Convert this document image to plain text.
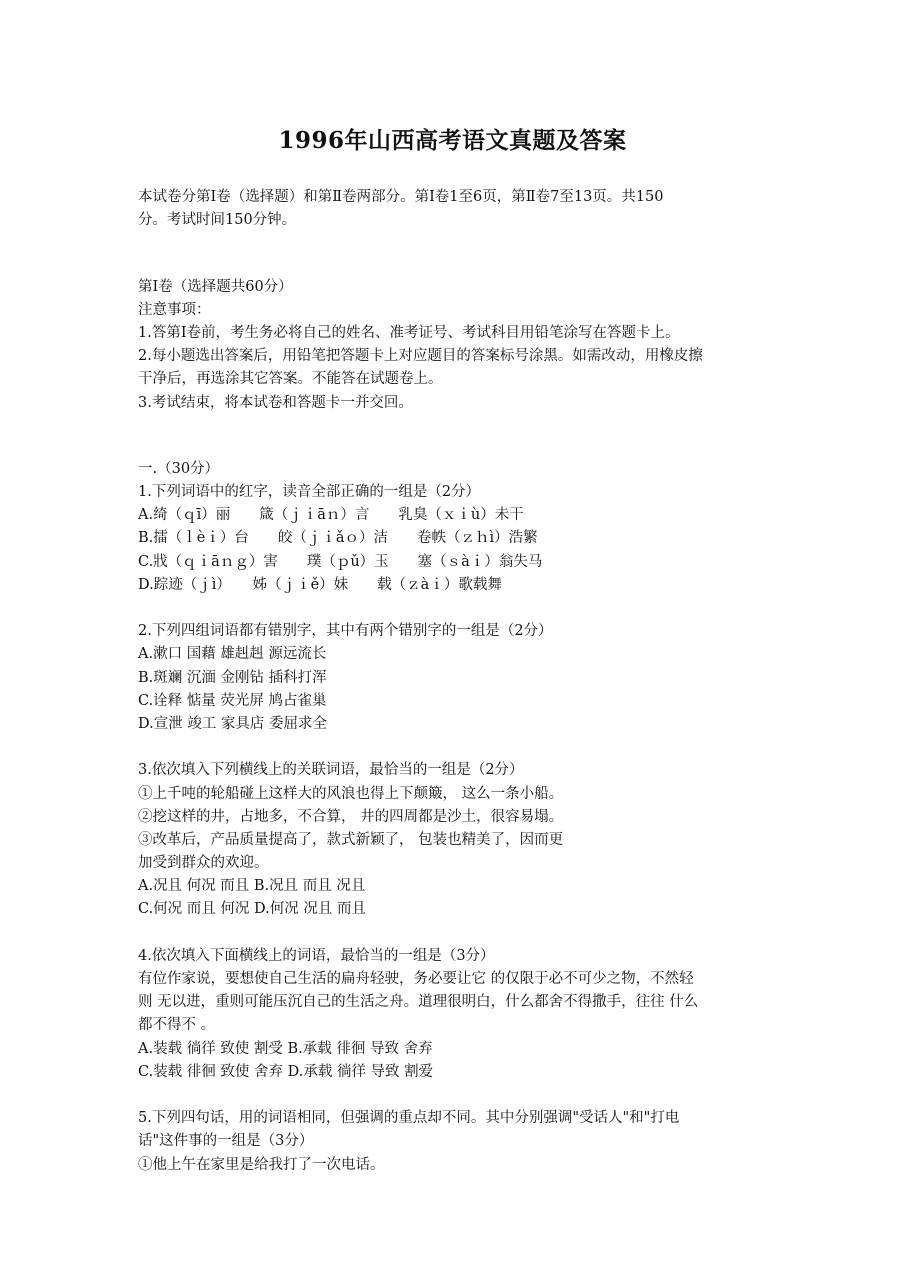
1996年山西高考语文真题及答案
本试卷分第Ⅰ卷（选择题）和第Ⅱ卷两部分。第Ⅰ卷1至6页，第Ⅱ卷7至13页。共150
分。考试时间150分钟。
第Ⅰ卷（选择题共60分）
注意事项：
1.答第Ⅰ卷前，考生务必将自己的姓名、准考证号、考试科目用铅笔涂写在答题卡上。
2.每小题选出答案后，用铅笔把答题卡上对应题目的答案标号涂黑。如需改动，用橡皮擦
干净后，再选涂其它答案。不能答在试题卷上。
3.考试结束，将本试卷和答题卡一并交回。
一.（30分）
1.下列词语中的红字，读音全部正确的一组是（2分）
A.绮（ｑī）丽　　箴（ｊｉāｎ）言　　乳臭（ｘｉù）未干
B.擂（ｌèｉ）台　　皎（ｊｉǎｏ）洁　　卷帙（ｚｈì）浩繁
C.戕（ｑｉāｎｇ）害　　璞（ｐǔ）玉　　塞（ｓàｉ）翁失马
D.踪迹（ｊì）　　姊（ｊｉě）妹　　载（ｚàｉ）歌载舞
2.下列四组词语都有错别字，其中有两个错别字的一组是（2分）
A.漱口 国藉 雄赳赳 源远流长
B.斑斓 沉湎 金刚钻 插科打浑
C.诠释 惦量 荧光屏 鸠占雀巢
D.宣泄 竣工 家具店 委屈求全
3.依次填入下列横线上的关联词语，最恰当的一组是（2分）
①上千吨的轮船碰上这样大的风浪也得上下颠簸， 这么一条小船。
②挖这样的井，占地多，不合算， 井的四周都是沙土，很容易塌。
③改革后，产品质量提高了，款式新颖了， 包装也精美了，因而更
加受到群众的欢迎。
A.况且 何况 而且 B.况且 而且 况且
C.何况 而且 何况 D.何况 况且 而且
4.依次填入下面横线上的词语，最恰当的一组是（3分）
有位作家说，要想使自己生活的扁舟轻驶，务必要让它 的仅限于必不可少之物，不然轻
则 无以进，重则可能压沉自己的生活之舟。道理很明白，什么都舍不得撒手，往往 什么
都不得不 。
A.装载 徜徉 致使 割受 B.承载 徘徊 导致 舍弃
C.装载 徘徊 致使 舍弃 D.承载 徜徉 导致 割爱
5.下列四句话，用的词语相同，但强调的重点却不同。其中分别强调"受话人"和"打电
话"这件事的一组是（3分）
①他上午在家里是给我打了一次电话。
